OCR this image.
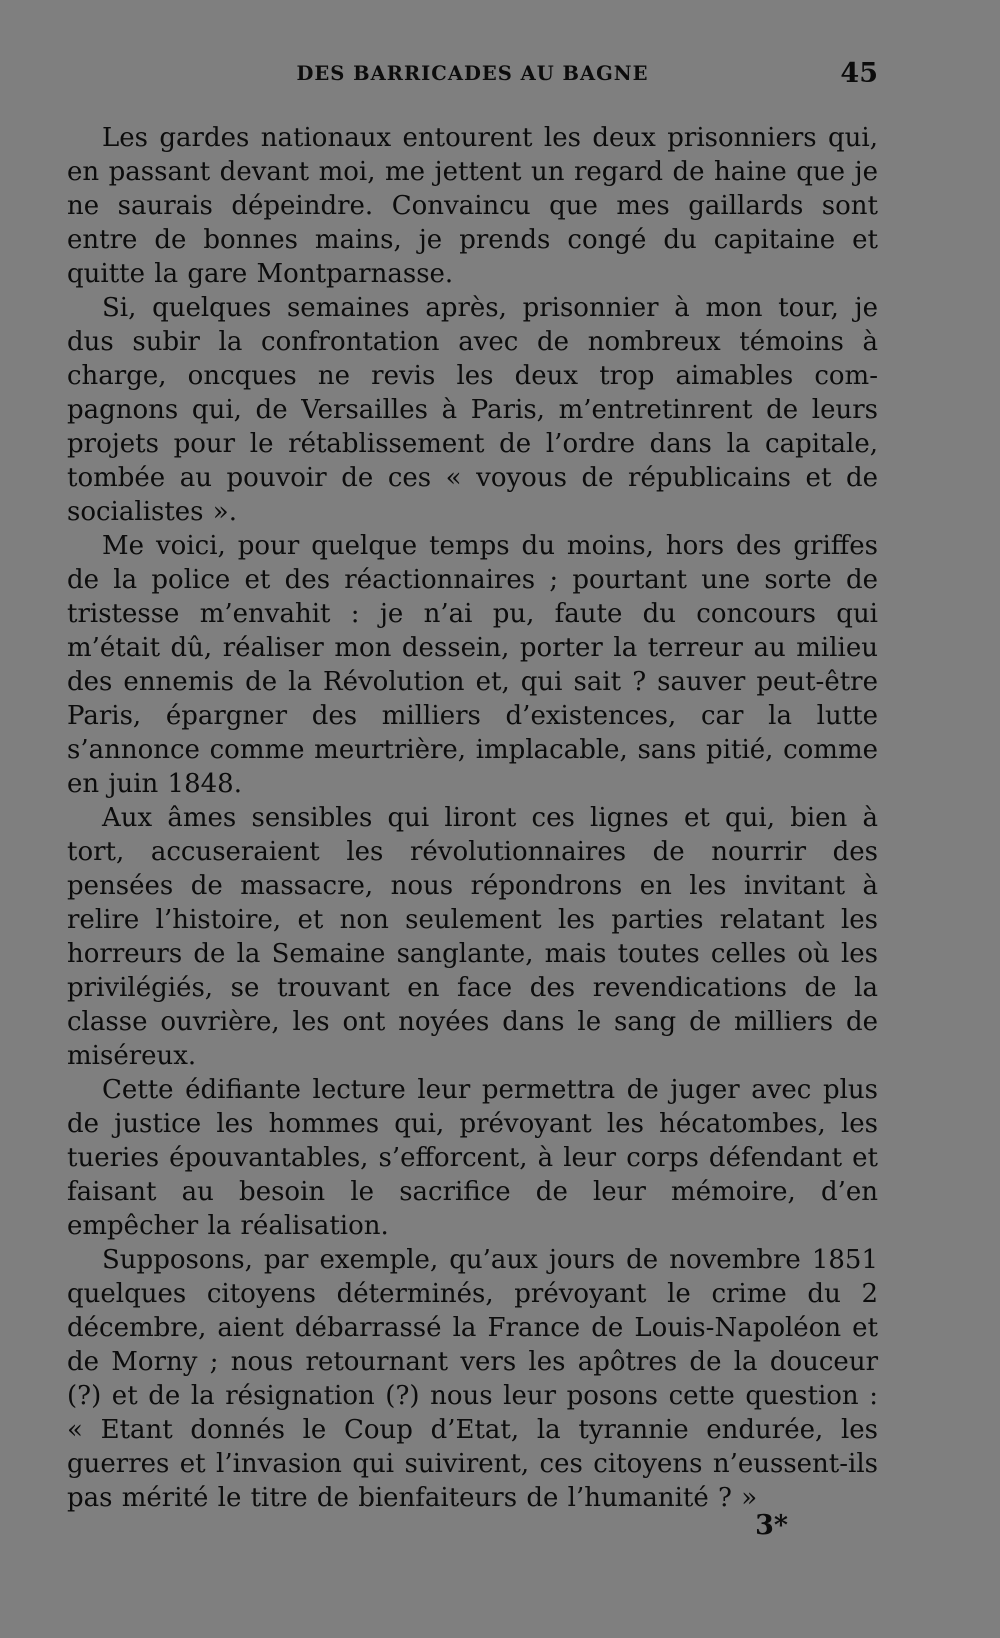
DES BARRICADES AU BAGNE	45

Les gardes nationaux entourent les deux prisonniers qui, en passant devant moi, me jettent un regard de haine que je ne saurais dépeindre. Convaincu que mes gaillards sont entre de bonnes mains, je prends congé du capitaine et quitte la gare Montparnasse.

Si, quelques semaines après, prisonnier à mon tour, je dus subir la confrontation avec de nombreux témoins à charge, oncques ne revis les deux trop aimables compagnons qui, de Versailles à Paris, m’entretinrent de leurs projets pour le rétablissement de l’ordre dans la capitale, tombée au pouvoir de ces « voyous de républicains et de socialistes ».

Me voici, pour quelque temps du moins, hors des griffes de la police et des réactionnaires ; pourtant une sorte de tristesse m’envahit : je n’ai pu, faute du concours qui m’était dû, réaliser mon dessein, porter la terreur au milieu des ennemis de la Révolution et, qui sait ? sauver peut-être Paris, épargner des milliers d’existences, car la lutte s’annonce comme meurtrière, implacable, sans pitié, comme en juin 1848.

Aux âmes sensibles qui liront ces lignes et qui, bien à tort, accuseraient les révolutionnaires de nourrir des pensées de massacre, nous répondrons en les invitant à relire l’histoire, et non seulement les parties relatant les horreurs de la Semaine sanglante, mais toutes celles où les privilégiés, se trouvant en face des revendications de la classe ouvrière, les ont noyées dans le sang de milliers de miséreux.

Cette édifiante lecture leur permettra de juger avec plus de justice les hommes qui, prévoyant les hécatombes, les tueries épouvantables, s’efforcent, à leur corps défendant et faisant au besoin le sacrifice de leur mémoire, d’en empêcher la réalisation.

Supposons, par exemple, qu’aux jours de novembre 1851 quelques citoyens déterminés, prévoyant le crime du 2 décembre, aient débarrassé la France de Louis-Napoléon et de Morny ; nous retournant vers les apôtres de la douceur (?) et de la résignation (?) nous leur posons cette question : « Etant donnés le Coup d’Etat, la tyrannie endurée, les guerres et l’invasion qui suivirent, ces citoyens n’eussent-ils pas mérité le titre de bienfaiteurs de l’humanité ? »

3*
